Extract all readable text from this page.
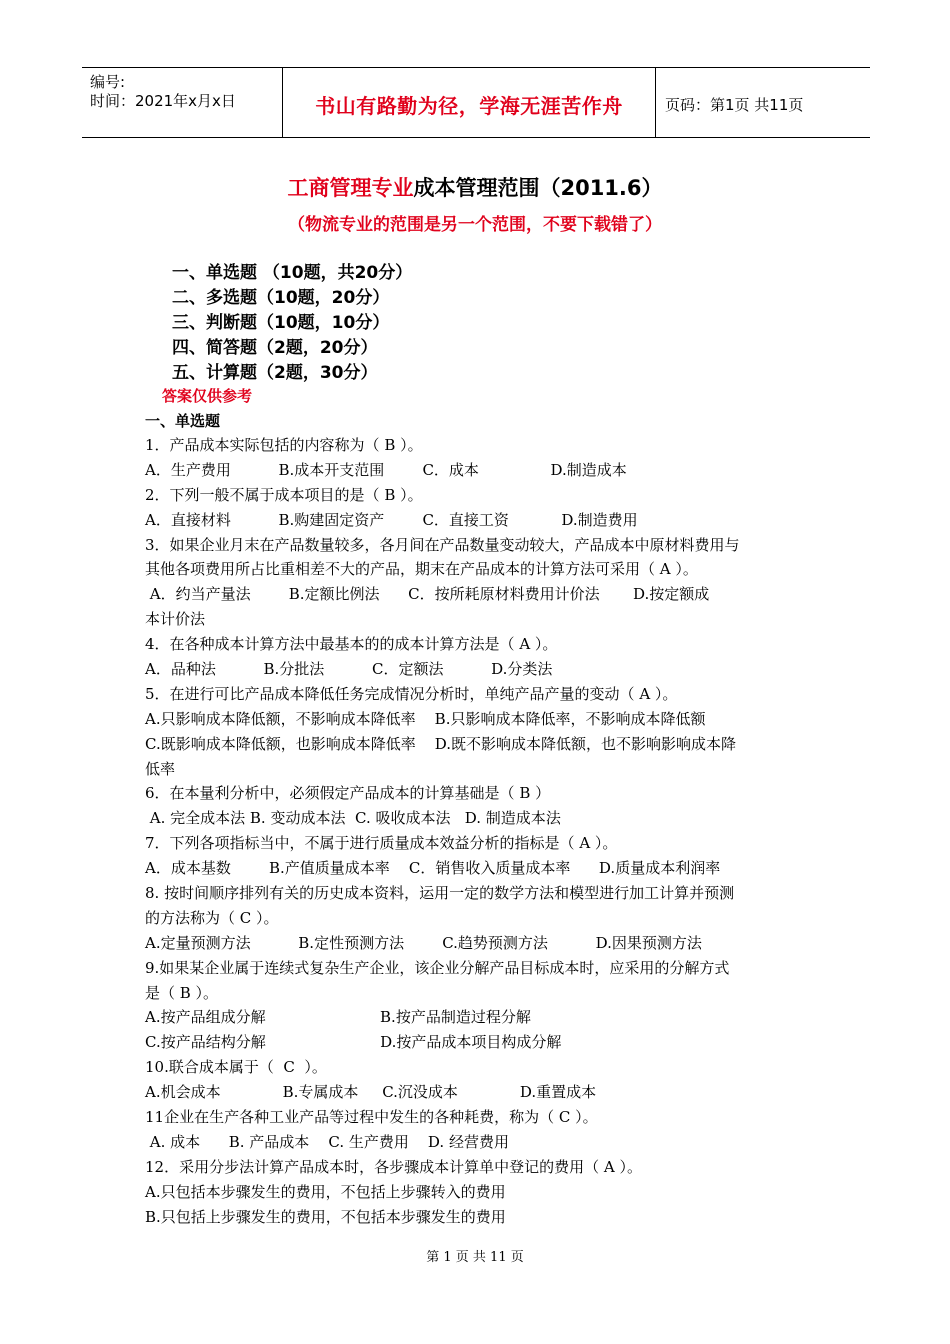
编号:
时间：2021年x月x日	书山有路勤为径，学海无涯苦作舟	页码：第1页 共11页
工商管理专业成本管理范围（2011.6）
（物流专业的范围是另一个范围，不要下载错了）
一、单选题 （10题，共20分）
二、多选题（10题，20分）
三、判断题（10题，10分）
四、简答题（2题，20分）
五、计算题（2题，30分）
答案仅供参考
一、单选题
1．产品成本实际包括的内容称为（ B ）。
A．生产费用          B.成本开支范围        C．成本               D.制造成本
2．下列一般不属于成本项目的是（ B ）。
A．直接材料          B.购建固定资产        C．直接工资           D.制造费用
3．如果企业月末在产品数量较多，各月间在产品数量变动较大，产品成本中原材料费用与
其他各项费用所占比重相差不大的产品，期末在产品成本的计算方法可采用（ A ）。
A．约当产量法        B.定额比例法      C．按所耗原材料费用计价法       D.按定额成
本计价法
4．在各种成本计算方法中最基本的的成本计算方法是（ A ）。
A．品种法          B.分批法          C．定额法          D.分类法
5．在进行可比产品成本降低任务完成情况分析时，单纯产品产量的变动（ A ）。
A.只影响成本降低额，不影响成本降低率    B.只影响成本降低率，不影响成本降低额
C.既影响成本降低额，也影响成本降低率    D.既不影响成本降低额，也不影响影响成本降
低率
6．在本量利分析中，必须假定产品成本的计算基础是（ B ）
A. 完全成本法 B. 变动成本法  C. 吸收成本法   D. 制造成本法
7．下列各项指标当中，不属于进行质量成本效益分析的指标是（ A ）。
A．成本基数        B.产值质量成本率    C．销售收入质量成本率      D.质量成本利润率
8. 按时间顺序排列有关的历史成本资料，运用一定的数学方法和模型进行加工计算并预测
的方法称为（ C ）。
A.定量预测方法          B.定性预测方法        C.趋势预测方法          D.因果预测方法
9.如果某企业属于连续式复杂生产企业，该企业分解产品目标成本时，应采用的分解方式
是（ B ）。
A.按产品组成分解                        B.按产品制造过程分解
C.按产品结构分解                        D.按产品成本项目构成分解
10.联合成本属于（  C  ）。
A.机会成本             B.专属成本     C.沉没成本             D.重置成本
11企业在生产各种工业产品等过程中发生的各种耗费，称为（ C ）。
A. 成本      B. 产品成本    C. 生产费用    D. 经营费用
12．采用分步法计算产品成本时，各步骤成本计算单中登记的费用（ A ）。
A.只包括本步骤发生的费用，不包括上步骤转入的费用
B.只包括上步骤发生的费用，不包括本步骤发生的费用
第 1 页 共 11 页
